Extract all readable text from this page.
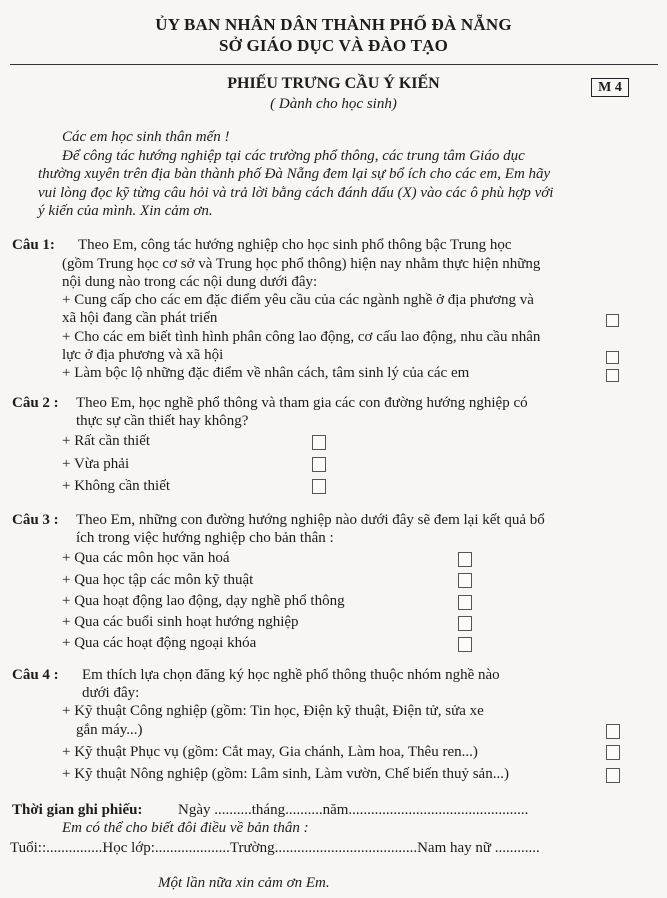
ỦY BAN NHÂN DÂN THÀNH PHỐ ĐÀ NẴNG
SỞ GIÁO DỤC VÀ ĐÀO TẠO
PHIẾU TRƯNG CẦU Ý KIẾN
( Dành cho học sinh)
M 4
Các em học sinh thân mến !
Để công tác hướng nghiệp tại các trường phổ thông, các trung tâm Giáo dục
thường xuyên trên địa bàn thành phố Đà Nẵng đem lại sự bổ ích cho các em, Em hãy
vui lòng đọc kỹ từng câu hỏi và trả lời bằng cách đánh dấu (X) vào các ô phù hợp với
ý kiến của mình. Xin cảm ơn.
Câu 1: Theo Em, công tác hướng nghiệp cho học sinh phổ thông bậc Trung học
(gồm Trung học cơ sở và Trung học phổ thông) hiện nay nhằm thực hiện những
nội dung nào trong các nội dung dưới đây:
+ Cung cấp cho các em đặc điểm yêu cầu của các ngành nghề ở địa phương và
xã hội đang cần phát triển
+ Cho các em biết tình hình phân công lao động, cơ cấu lao động, nhu cầu nhân
lực ở địa phương và xã hội
+ Làm bộc lộ những đặc điểm về nhân cách, tâm sinh lý của các em
Câu 2 : Theo Em, học nghề phổ thông và tham gia các con đường hướng nghiệp có
thực sự cần thiết hay không?
+ Rất cần thiết
+ Vừa phải
+ Không cần thiết
Câu 3 : Theo Em, những con đường hướng nghiệp nào dưới đây sẽ đem lại kết quả bổ
ích trong việc hướng nghiệp cho bản thân :
+ Qua các môn học văn hoá
+ Qua học tập các môn kỹ thuật
+ Qua hoạt động lao động, dạy nghề phổ thông
+ Qua các buổi sinh hoạt hướng nghiệp
+ Qua các hoạt động ngoại khóa
Câu 4 : Em thích lựa chọn đăng ký học nghề phổ thông thuộc nhóm nghề nào
dưới đây:
+ Kỹ thuật Công nghiệp (gồm: Tin học, Điện kỹ thuật, Điện tử, sửa xe
gắn máy...)
+ Kỹ thuật Phục vụ (gồm: Cắt may, Gia chánh, Làm hoa, Thêu ren...)
+ Kỹ thuật Nông nghiệp (gồm: Lâm sinh, Làm vườn, Chế biến thuỷ sản...)
Thời gian ghi phiếu: Ngày ..........tháng..........năm................................................
Em có thể cho biết đôi điều về bản thân :
Tuổi::...............Học lớp:....................Trường......................................Nam hay nữ ............
Một lần nữa xin cảm ơn Em.
